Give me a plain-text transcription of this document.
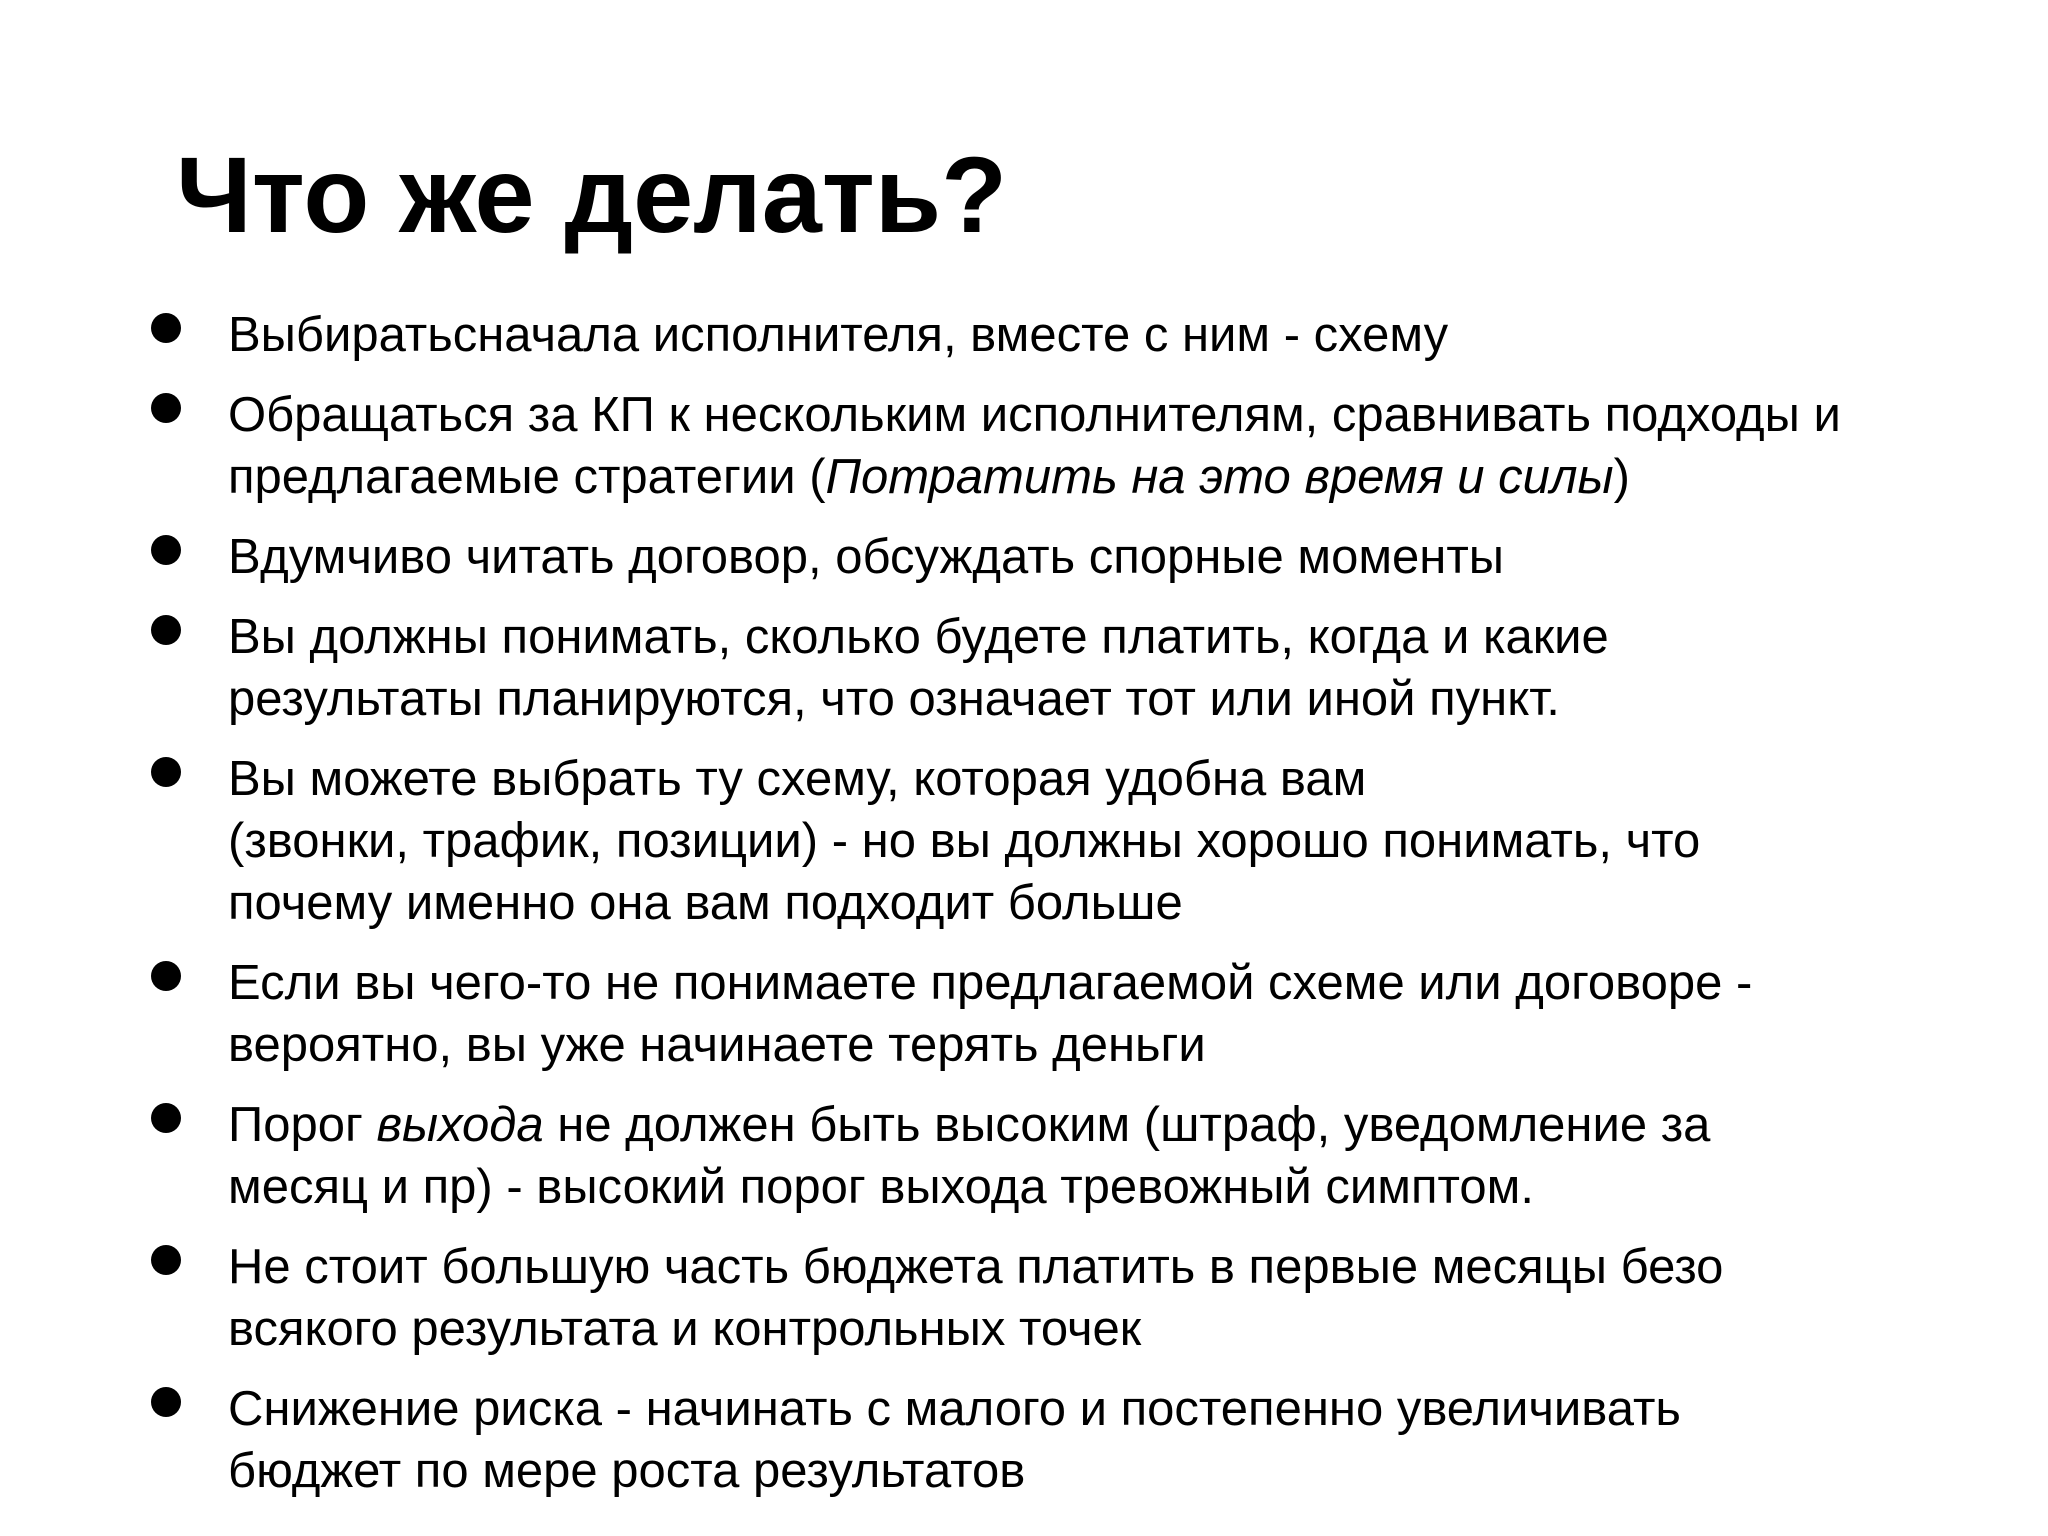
Что же делать?
Выбиратьсначала исполнителя, вместе с ним - схему
Обращаться за КП к нескольким исполнителям, сравнивать подходы и
предлагаемые стратегии (Потратить на это время и силы)
Вдумчиво читать договор, обсуждать спорные моменты
Вы должны понимать, сколько будете платить, когда и какие
результаты планируются, что означает тот или иной пункт.
Вы можете выбрать ту схему, которая удобна вам
(звонки, трафик, позиции) - но вы должны хорошо понимать, что
почему именно она вам подходит больше
Если вы чего-то не понимаете предлагаемой схеме или договоре -
вероятно, вы уже начинаете терять деньги
Порог выхода не должен быть высоким (штраф, уведомление за
месяц и пр) - высокий порог выхода тревожный симптом.
Не стоит большую часть бюджета платить в первые месяцы безо
всякого результата и контрольных точек
Снижение риска - начинать с малого и постепенно увеличивать
бюджет по мере роста результатов
